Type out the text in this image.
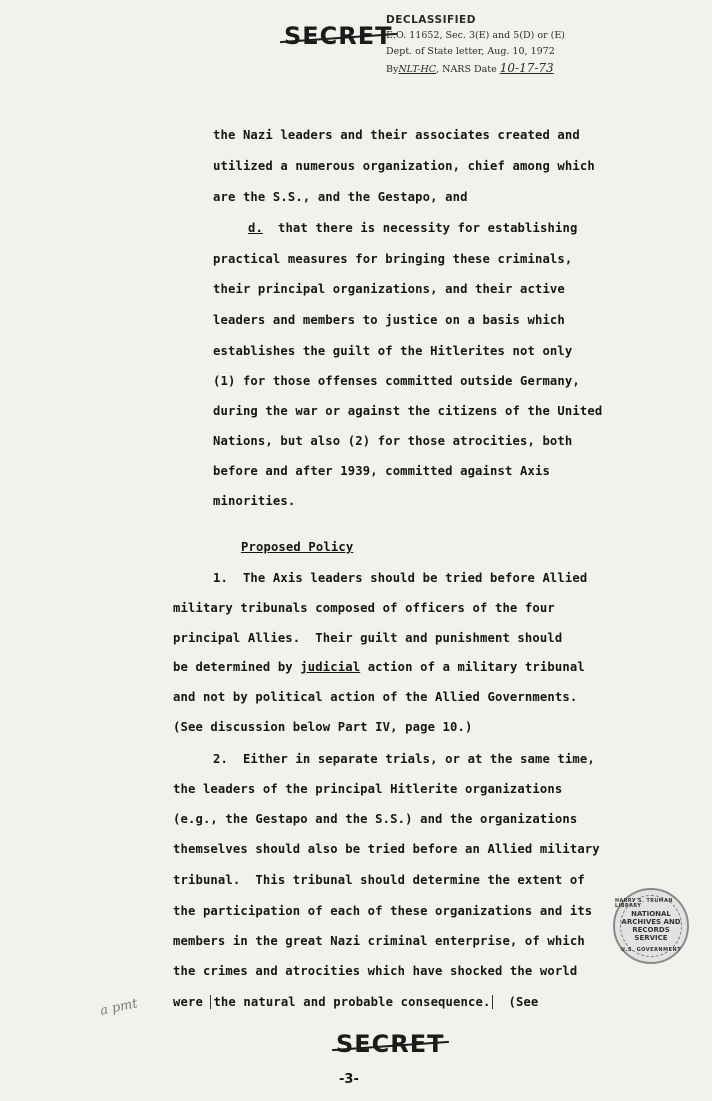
SECRET
DECLASSIFIED
E.O. 11652, Sec. 3(E) and 5(D) or (E)
Dept. of State letter, Aug. 10, 1972
ByNLT-HC, NARS Date 10-17-73
the Nazi leaders and their associates created and
utilized a numerous organization, chief among which
are the S.S., and the Gestapo, and
d.  that there is necessity for establishing
practical measures for bringing these criminals,
their principal organizations, and their active
leaders and members to justice on a basis which
establishes the guilt of the Hitlerites not only
(1) for those offenses committed outside Germany,
during the war or against the citizens of the United
Nations, but also (2) for those atrocities, both
before and after 1939, committed against Axis
minorities.
Proposed Policy
1.  The Axis leaders should be tried before Allied
military tribunals composed of officers of the four
principal Allies.  Their guilt and punishment should
be determined by judicial action of a military tribunal
and not by political action of the Allied Governments.
(See discussion below Part IV, page 10.)
2.  Either in separate trials, or at the same time,
the leaders of the principal Hitlerite organizations
(e.g., the Gestapo and the S.S.) and the organizations
themselves should also be tried before an Allied military
tribunal.  This tribunal should determine the extent of
the participation of each of these organizations and its
members in the great Nazi criminal enterprise, of which
the crimes and atrocities which have shocked the world
were the natural and probable consequence.  (See
HARRY S. TRUMAN LIBRARY
NATIONAL
ARCHIVES AND
RECORDS
SERVICE
U.S. GOVERNMENT
a pmt
SECRET
-3-
